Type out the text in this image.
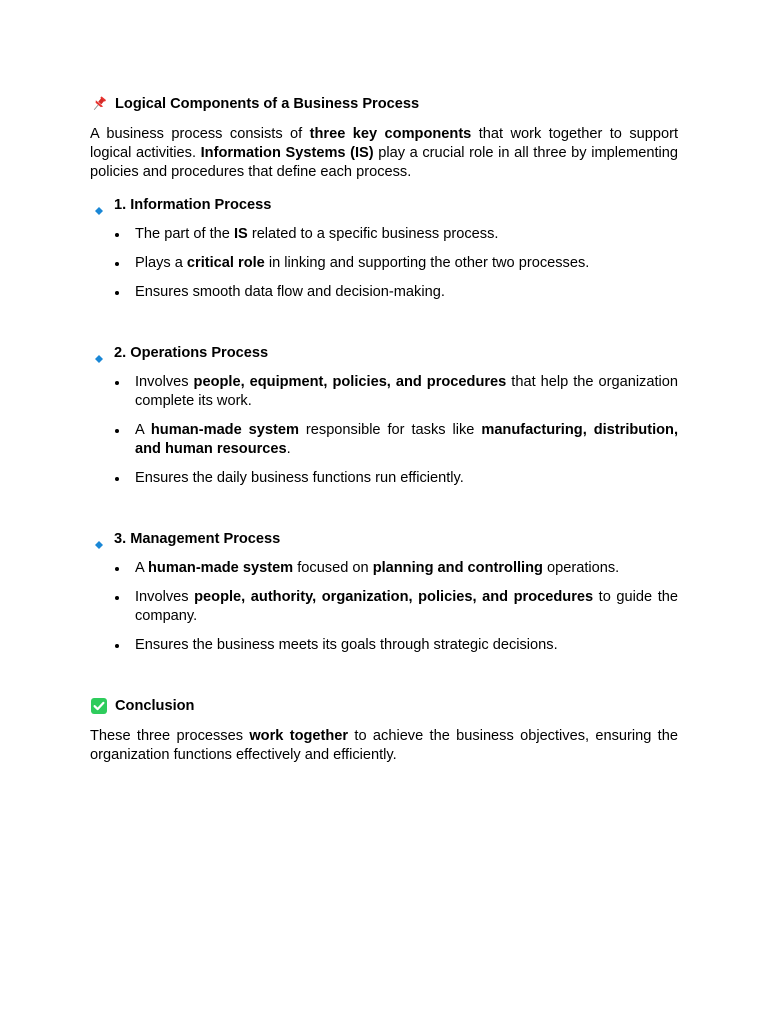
Logical Components of a Business Process

A business process consists of three key components that work together to support logical activities. Information Systems (IS) play a crucial role in all three by implementing policies and procedures that define each process.

1. Information Process
The part of the IS related to a specific business process.
Plays a critical role in linking and supporting the other two processes.
Ensures smooth data flow and decision-making.
2. Operations Process
Involves people, equipment, policies, and procedures that help the organization complete its work.
A human-made system responsible for tasks like manufacturing, distribution, and human resources.
Ensures the daily business functions run efficiently.
3. Management Process
A human-made system focused on planning and controlling operations.
Involves people, authority, organization, policies, and procedures to guide the company.
Ensures the business meets its goals through strategic decisions.
Conclusion

These three processes work together to achieve the business objectives, ensuring the organization functions effectively and efficiently.
